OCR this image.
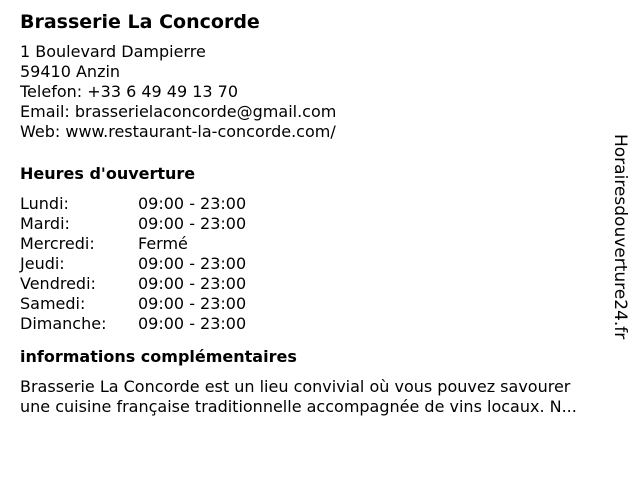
Brasserie La Concorde
1 Boulevard Dampierre
59410 Anzin
Telefon: +33 6 49 49 13 70
Email: brasserielaconcorde@gmail.com
Web: www.restaurant-la-concorde.com/
Heures d'ouverture
Lundi:	09:00 - 23:00
Mardi:	09:00 - 23:00
Mercredi:	Fermé
Jeudi:	09:00 - 23:00
Vendredi:	09:00 - 23:00
Samedi:	09:00 - 23:00
Dimanche:	09:00 - 23:00
informations complémentaires
Brasserie La Concorde est un lieu convivial où vous pouvez savourer
une cuisine française traditionnelle accompagnée de vins locaux. N...
Horairesdouverture24.fr
